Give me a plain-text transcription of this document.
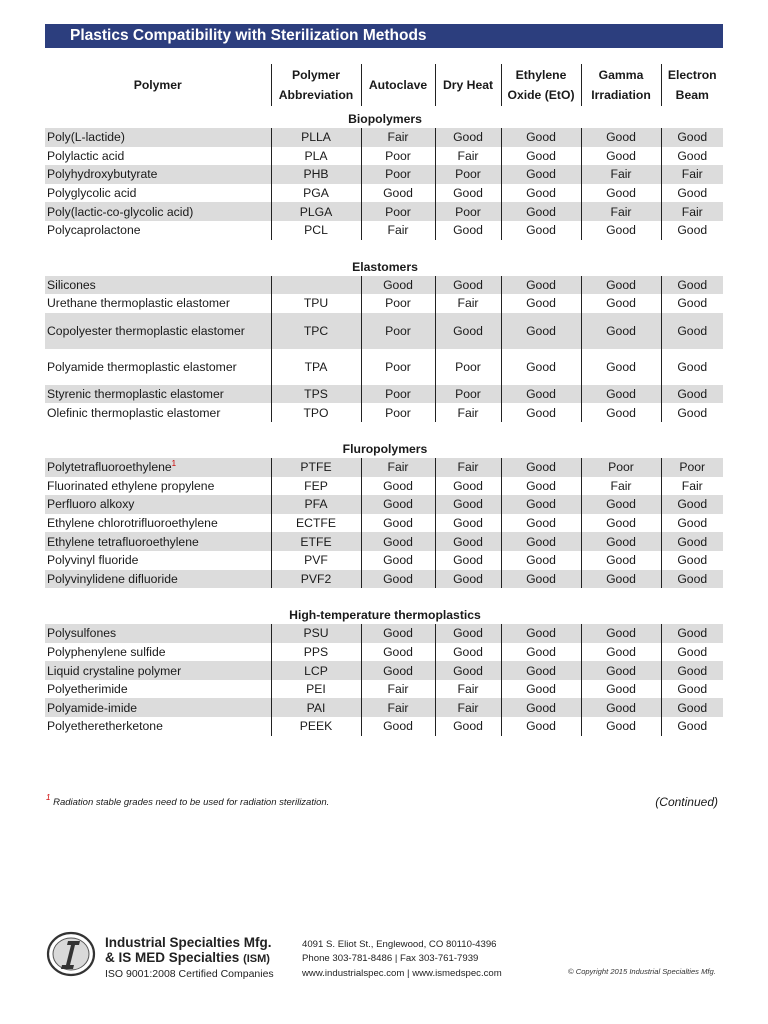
Plastics Compatibility with Sterilization Methods
Polymer	Polymer Abbreviation	Autoclave	Dry Heat	Ethylene Oxide (EtO)	Gamma Irradiation	Electron Beam
Biopolymers						
Poly(L-lactide)	PLLA	Fair	Good	Good	Good	Good
Polylactic acid	PLA	Poor	Fair	Good	Good	Good
Polyhydroxybutyrate	PHB	Poor	Poor	Good	Fair	Fair
Polyglycolic acid	PGA	Good	Good	Good	Good	Good
Poly(lactic-co-glycolic acid)	PLGA	Poor	Poor	Good	Fair	Fair
Polycaprolactone	PCL	Fair	Good	Good	Good	Good

Elastomers						
Silicones		Good	Good	Good	Good	Good
Urethane thermoplastic elastomer	TPU	Poor	Fair	Good	Good	Good
Copolyester thermoplastic elastomer	TPC	Poor	Good	Good	Good	Good
Polyamide thermoplastic elastomer	TPA	Poor	Poor	Good	Good	Good
Styrenic thermoplastic elastomer	TPS	Poor	Poor	Good	Good	Good
Olefinic thermoplastic elastomer	TPO	Poor	Fair	Good	Good	Good

Fluropolymers						
Polytetrafluoroethylene$^1$	PTFE	Fair	Fair	Good	Poor	Poor
Fluorinated ethylene propylene	FEP	Good	Good	Good	Fair	Fair
Perfluoro alkoxy	PFA	Good	Good	Good	Good	Good
Ethylene chlorotrifluoroethylene	ECTFE	Good	Good	Good	Good	Good
Ethylene tetrafluoroethylene	ETFE	Good	Good	Good	Good	Good
Polyvinyl fluoride	PVF	Good	Good	Good	Good	Good
Polyvinylidene difluoride	PVF2	Good	Good	Good	Good	Good

High-temperature thermoplastics						
Polysulfones	PSU	Good	Good	Good	Good	Good
Polyphenylene sulfide	PPS	Good	Good	Good	Good	Good
Liquid crystaline polymer	LCP	Good	Good	Good	Good	Good
Polyetherimide	PEI	Fair	Fair	Good	Good	Good
Polyamide-imide	PAI	Fair	Fair	Good	Good	Good
Polyetheretherketone	PEEK	Good	Good	Good	Good	Good
$^1$ Radiation stable grades need to be used for radiation sterilization.	(Continued)
Industrial Specialties Mfg.
& IS MED Specialties (ISM)
ISO 9001:2008 Certified Companies
4091 S. Eliot St., Englewood, CO 80110-4396
Phone 303-781-8486 | Fax 303-761-7939
www.industrialspec.com | www.ismedspec.com	© Copyright 2015 Industrial Specialties Mfg.
